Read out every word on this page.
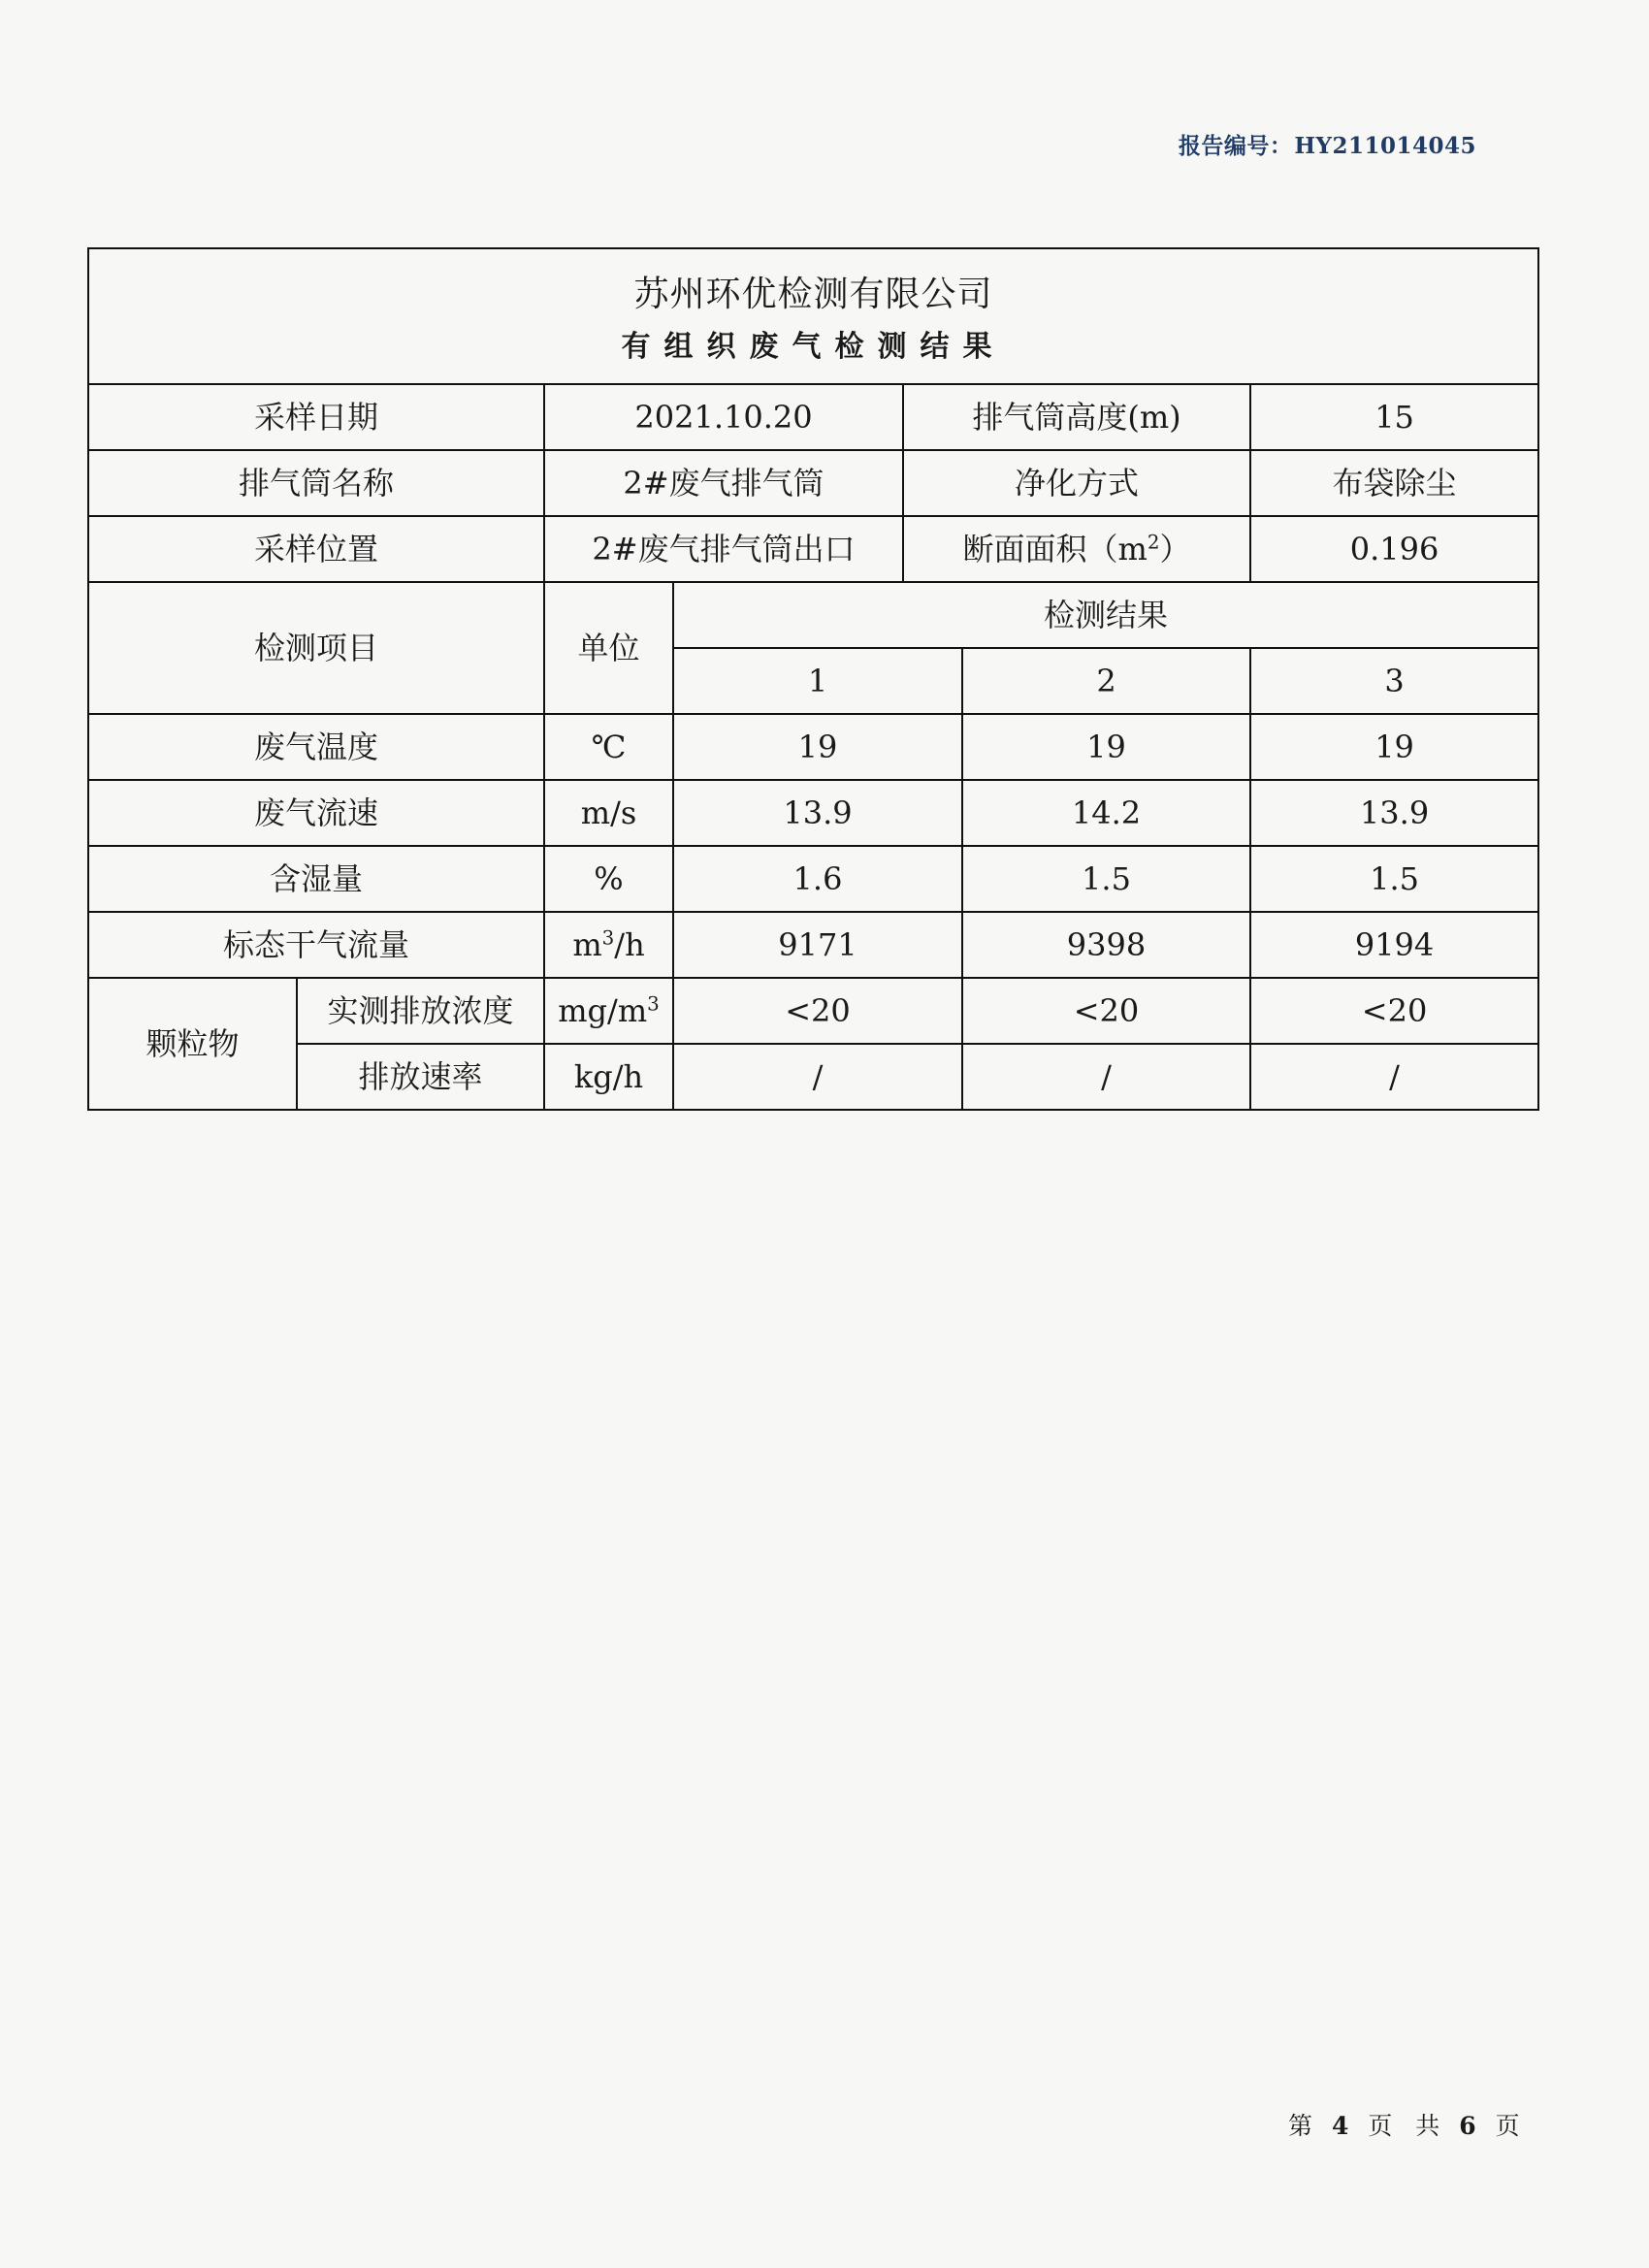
报告编号：HY211014045
苏州环优检测有限公司
有组织废气检测结果						

采样日期		2021.10.20		排气筒高度(m)		15
排气筒名称		2#废气排气筒		净化方式		布袋除尘
采样位置		2#废气排气筒出口		断面面积$(m^2)$		0.196
检测项目		单位	检测结果			
			1		2	3
废气温度		℃	19		19	19
废气流速		m/s	13.9		14.2	13.9
含湿量		%	1.6		1.5	1.5
标态干气流量		$m^3/h$	9171		9398	9194
颗粒物	实测排放浓度	$mg/m^3$	<20		<20	<20
	排放速率	kg/h	/		/	/
第 4 页 共 6 页
